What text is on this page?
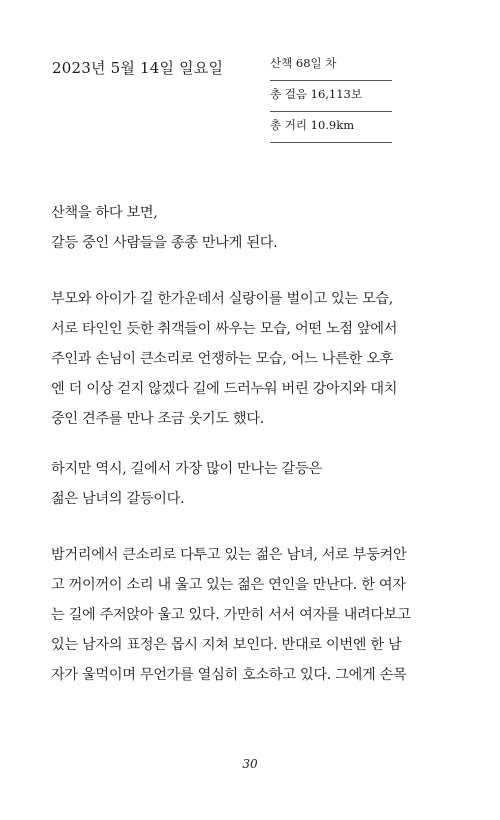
2023년 5월 14일 일요일	산책 68일 차
총 걸음 16,113보
총 거리 10.9km
산책을 하다 보면,
갈등 중인 사람들을 종종 만나게 된다.
부모와 아이가 길 한가운데서 실랑이를 벌이고 있는 모습,
서로 타인인 듯한 취객들이 싸우는 모습, 어떤 노점 앞에서
주인과 손님이 큰소리로 언쟁하는 모습, 어느 나른한 오후
엔 더 이상 걷지 않겠다 길에 드러누워 버린 강아지와 대치
중인 견주를 만나 조금 웃기도 했다.
하지만 역시, 길에서 가장 많이 만나는 갈등은
젊은 남녀의 갈등이다.
밤거리에서 큰소리로 다투고 있는 젊은 남녀, 서로 부둥켜안
고 꺼이꺼이 소리 내 울고 있는 젊은 연인을 만난다. 한 여자
는 길에 주저앉아 울고 있다. 가만히 서서 여자를 내려다보고
있는 남자의 표정은 몹시 지쳐 보인다. 반대로 이번엔 한 남
자가 울먹이며 무언가를 열심히 호소하고 있다. 그에게 손목
30
